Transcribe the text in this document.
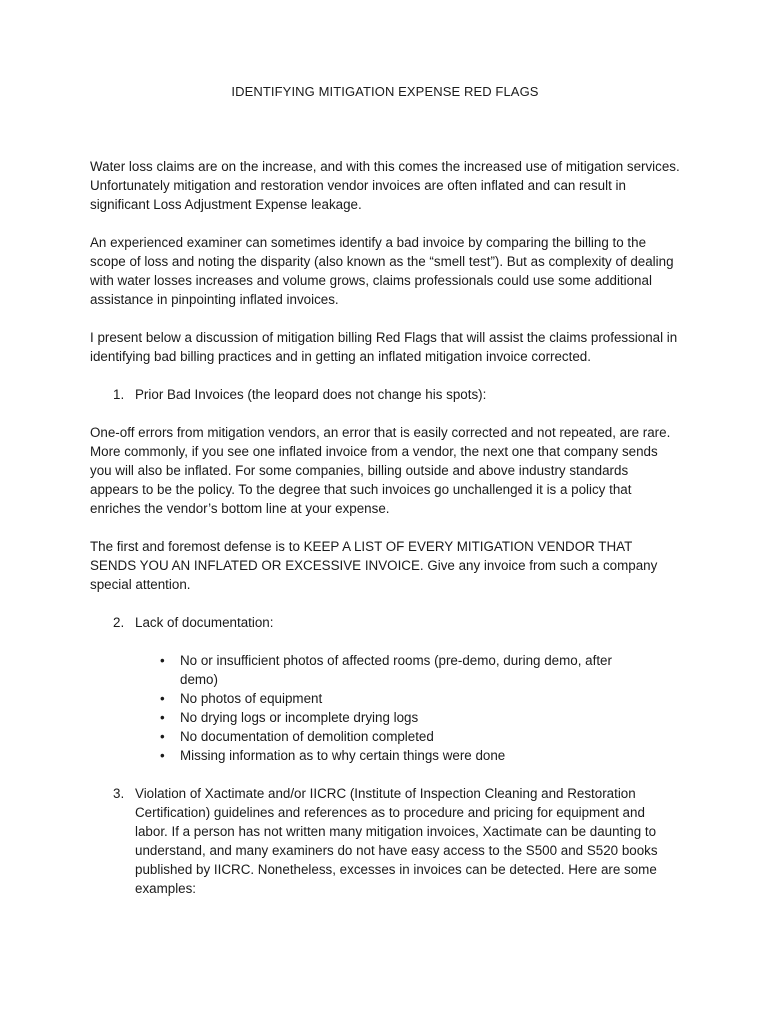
IDENTIFYING MITIGATION EXPENSE RED FLAGS

Water loss claims are on the increase, and with this comes the increased use of mitigation services. Unfortunately mitigation and restoration vendor invoices are often inflated and can result in significant Loss Adjustment Expense leakage.

An experienced examiner can sometimes identify a bad invoice by comparing the billing to the scope of loss and noting the disparity (also known as the “smell test”). But as complexity of dealing with water losses increases and volume grows, claims professionals could use some additional assistance in pinpointing inflated invoices.

I present below a discussion of mitigation billing Red Flags that will assist the claims professional in identifying bad billing practices and in getting an inflated mitigation invoice corrected.

1. Prior Bad Invoices (the leopard does not change his spots):

One-off errors from mitigation vendors, an error that is easily corrected and not repeated, are rare. More commonly, if you see one inflated invoice from a vendor, the next one that company sends you will also be inflated. For some companies, billing outside and above industry standards appears to be the policy. To the degree that such invoices go unchallenged it is a policy that enriches the vendor’s bottom line at your expense.

The first and foremost defense is to KEEP A LIST OF EVERY MITIGATION VENDOR THAT SENDS YOU AN INFLATED OR EXCESSIVE INVOICE. Give any invoice from such a company special attention.

2. Lack of documentation:
•	No or insufficient photos of affected rooms (pre-demo, during demo, after demo)
•	No photos of equipment
•	No drying logs or incomplete drying logs
•	No documentation of demolition completed
•	Missing information as to why certain things were done
3. Violation of Xactimate and/or IICRC (Institute of Inspection Cleaning and Restoration Certification) guidelines and references as to procedure and pricing for equipment and labor. If a person has not written many mitigation invoices, Xactimate can be daunting to understand, and many examiners do not have easy access to the S500 and S520 books published by IICRC. Nonetheless, excesses in invoices can be detected. Here are some examples:
